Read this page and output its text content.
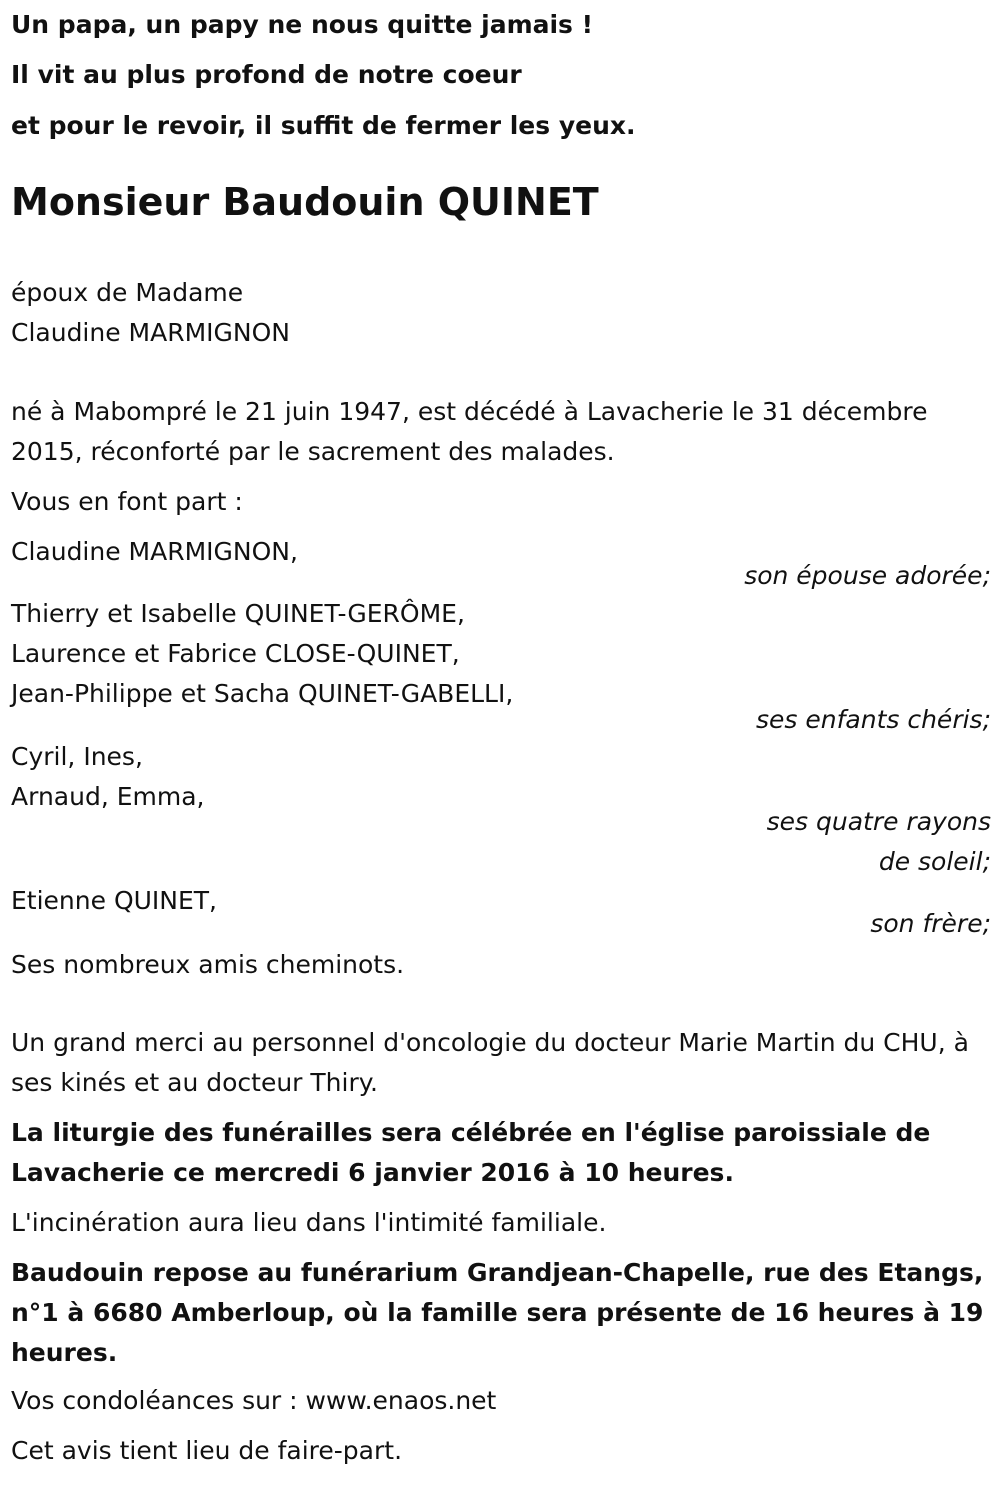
Un papa, un papy ne nous quitte jamais !
Il vit au plus profond de notre coeur
et pour le revoir, il suffit de fermer les yeux.
Monsieur Baudouin QUINET
époux de Madame
Claudine MARMIGNON
né à Mabompré le 21 juin 1947, est décédé à Lavacherie le 31 décembre 2015, réconforté par le sacrement des malades.
Vous en font part :
Claudine MARMIGNON,
son épouse adorée;
Thierry et Isabelle QUINET-GERÔME,
Laurence et Fabrice CLOSE-QUINET,
Jean-Philippe et Sacha QUINET-GABELLI,
ses enfants chéris;
Cyril, Ines,
Arnaud, Emma,
ses quatre rayons
de soleil;
Etienne QUINET,
son frère;
Ses nombreux amis cheminots.
Un grand merci au personnel d'oncologie du docteur Marie Martin du CHU, à ses kinés et au docteur Thiry.
La liturgie des funérailles sera célébrée en l'église paroissiale de Lavacherie ce mercredi 6 janvier 2016 à 10 heures.
L'incinération aura lieu dans l'intimité familiale.
Baudouin repose au funérarium Grandjean-Chapelle, rue des Etangs, n°1 à 6680 Amberloup, où la famille sera présente de 16 heures à 19 heures.
Vos condoléances sur : www.enaos.net
Cet avis tient lieu de faire-part.
